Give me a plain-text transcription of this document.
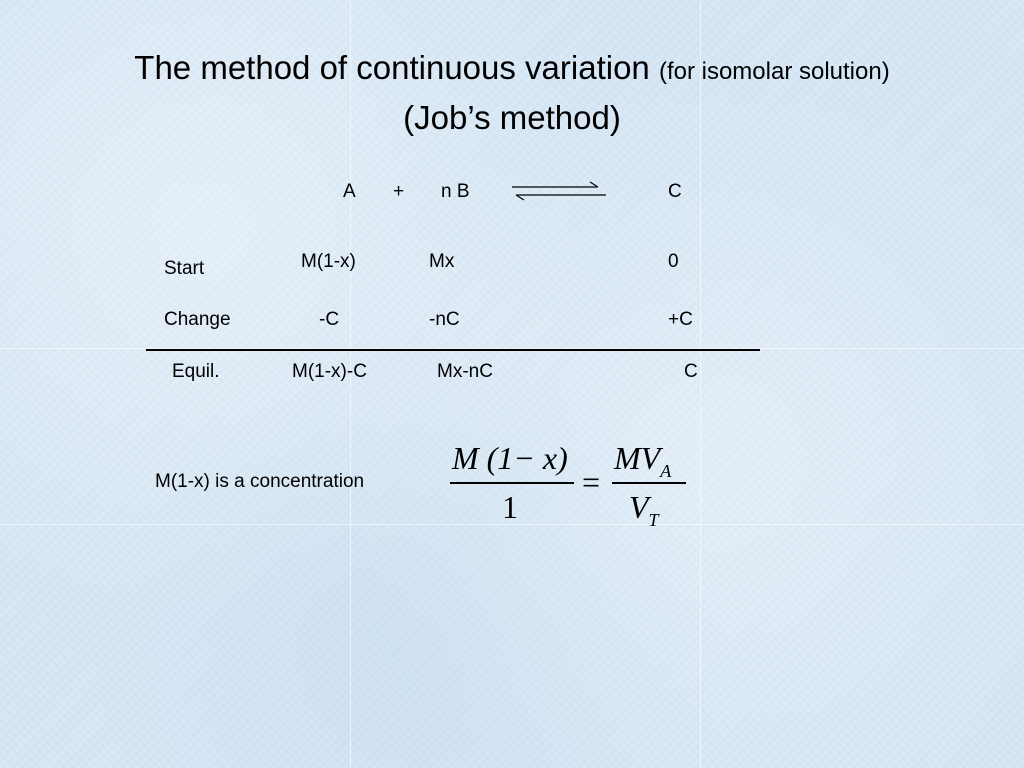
The method of continuous variation (for isomolar solution)
(Job’s method)
A + n B	C
Start	M(1-x)	Mx	0
Change	-C	-nC	+C
Equil.	M(1-x)-C	Mx-nC	C
M(1-x) is a concentration
M (1− x)
1
=
$MV_A$
$V_T$
